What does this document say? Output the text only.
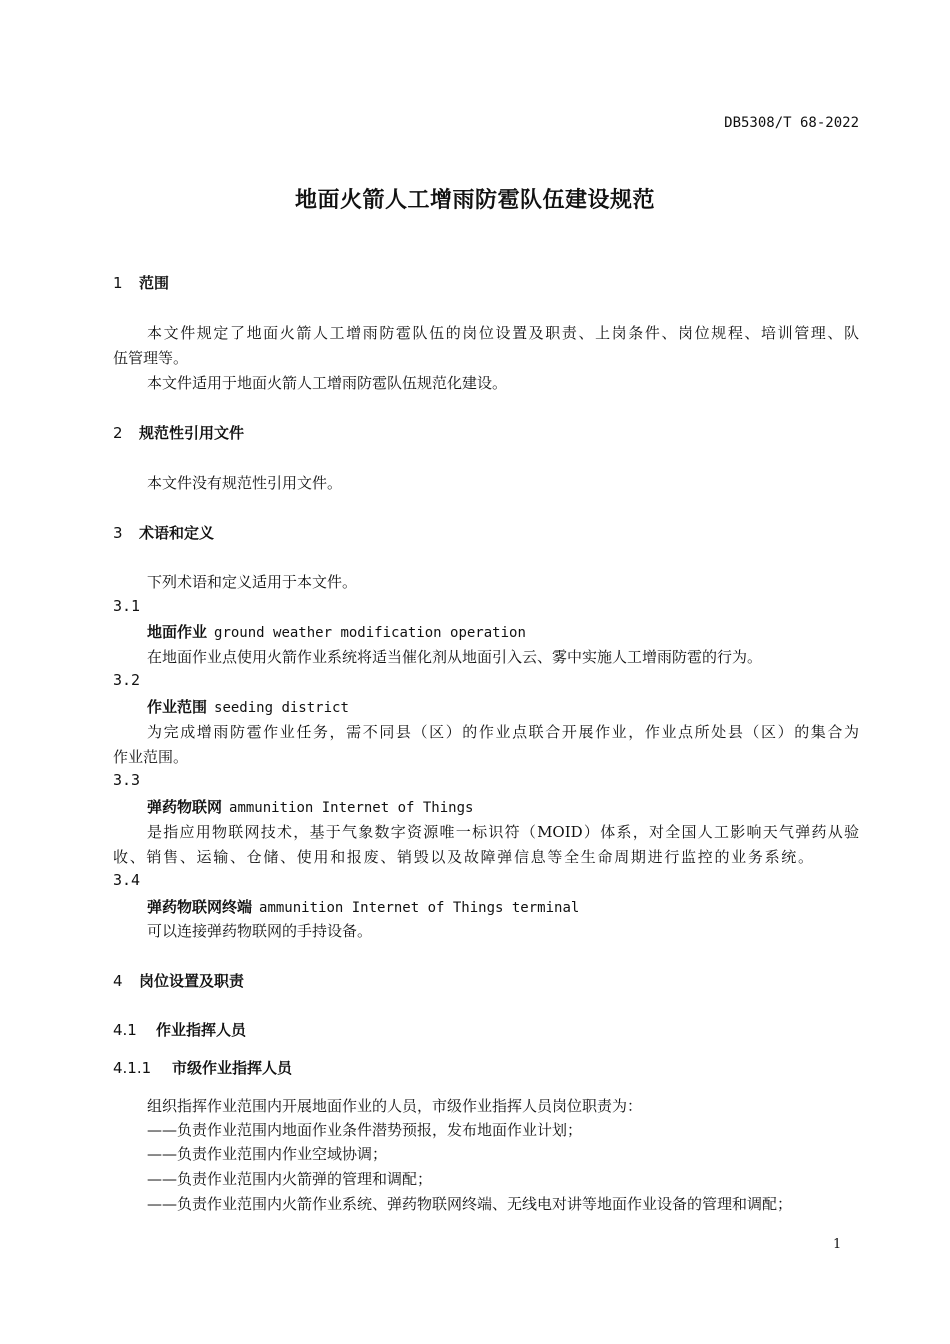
DB5308/T 68-2022
地面火箭人工增雨防雹队伍建设规范
1 范围
本文件规定了地面火箭人工增雨防雹队伍的岗位设置及职责、上岗条件、岗位规程、培训管理、队
伍管理等。
本文件适用于地面火箭人工增雨防雹队伍规范化建设。
2 规范性引用文件
本文件没有规范性引用文件。
3 术语和定义
下列术语和定义适用于本文件。
3.1
地面作业 ground weather modification operation
在地面作业点使用火箭作业系统将适当催化剂从地面引入云、雾中实施人工增雨防雹的行为。
3.2
作业范围 seeding district
为完成增雨防雹作业任务，需不同县（区）的作业点联合开展作业，作业点所处县（区）的集合为
作业范围。
3.3
弹药物联网 ammunition Internet of Things
是指应用物联网技术，基于气象数字资源唯一标识符（MOID）体系，对全国人工影响天气弹药从验
收、销售、运输、仓储、使用和报废、销毁以及故障弹信息等全生命周期进行监控的业务系统。
3.4
弹药物联网终端 ammunition Internet of Things terminal
可以连接弹药物联网的手持设备。
4 岗位设置及职责
4.1 作业指挥人员
4.1.1 市级作业指挥人员
组织指挥作业范围内开展地面作业的人员，市级作业指挥人员岗位职责为：
——负责作业范围内地面作业条件潜势预报，发布地面作业计划；
——负责作业范围内作业空域协调；
——负责作业范围内火箭弹的管理和调配；
——负责作业范围内火箭作业系统、弹药物联网终端、无线电对讲等地面作业设备的管理和调配；
1
